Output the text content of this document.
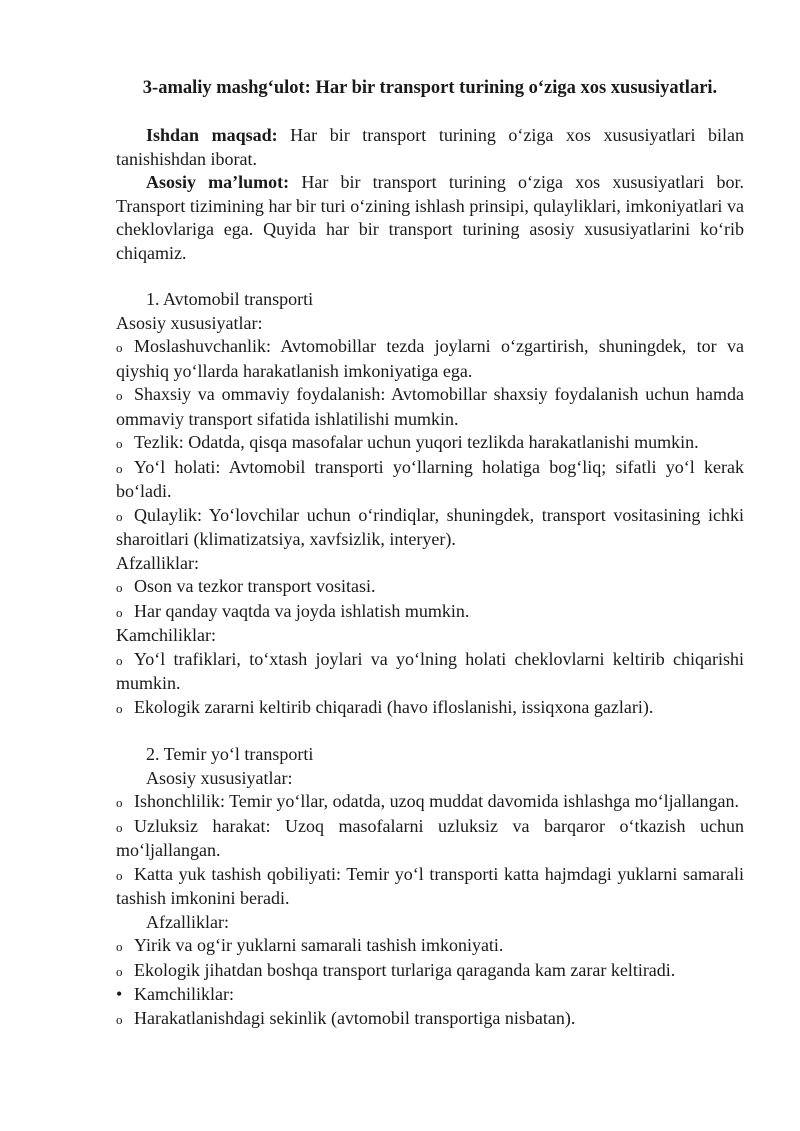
3-amaliy mashg‘ulot: Har bir transport turining o‘ziga xos xususiyatlari.

Ishdan maqsad: Har bir transport turining o‘ziga xos xususiyatlari bilan tanishishdan iborat.

Asosiy ma’lumot: Har bir transport turining o‘ziga xos xususiyatlari bor. Transport tizimining har bir turi o‘zining ishlash prinsipi, qulayliklari, imkoniyatlari va cheklovlariga ega. Quyida har bir transport turining asosiy xususiyatlarini ko‘rib chiqamiz.

1. Avtomobil transporti
Asosiy xususiyatlar:

o Moslashuvchanlik: Avtomobillar tezda joylarni o‘zgartirish, shuningdek, tor va qiyshiq yo‘llarda harakatlanish imkoniyatiga ega.

o Shaxsiy va ommaviy foydalanish: Avtomobillar shaxsiy foydalanish uchun hamda ommaviy transport sifatida ishlatilishi mumkin.

o Tezlik: Odatda, qisqa masofalar uchun yuqori tezlikda harakatlanishi mumkin.

o Yo‘l holati: Avtomobil transporti yo‘llarning holatiga bog‘liq; sifatli yo‘l kerak bo‘ladi.

o Qulaylik: Yo‘lovchilar uchun o‘rindiqlar, shuningdek, transport vositasining ichki sharoitlari (klimatizatsiya, xavfsizlik, interyer).

Afzalliklar:
o Oson va tezkor transport vositasi.
o Har qanday vaqtda va joyda ishlatish mumkin.
Kamchiliklar:

o Yo‘l trafiklari, to‘xtash joylari va yo‘lning holati cheklovlarni keltirib chiqarishi mumkin.

o Ekologik zararni keltirib chiqaradi (havo ifloslanishi, issiqxona gazlari).
2. Temir yo‘l transporti
Asosiy xususiyatlar:

o Ishonchlilik: Temir yo‘llar, odatda, uzoq muddat davomida ishlashga mo‘ljallangan.

o Uzluksiz harakat: Uzoq masofalarni uzluksiz va barqaror o‘tkazish uchun mo‘ljallangan.

o Katta yuk tashish qobiliyati: Temir yo‘l transporti katta hajmdagi yuklarni samarali tashish imkonini beradi.

Afzalliklar:
o Yirik va og‘ir yuklarni samarali tashish imkoniyati.
o Ekologik jihatdan boshqa transport turlariga qaraganda kam zarar keltiradi.
• Kamchiliklar:
o Harakatlanishdagi sekinlik (avtomobil transportiga nisbatan).
